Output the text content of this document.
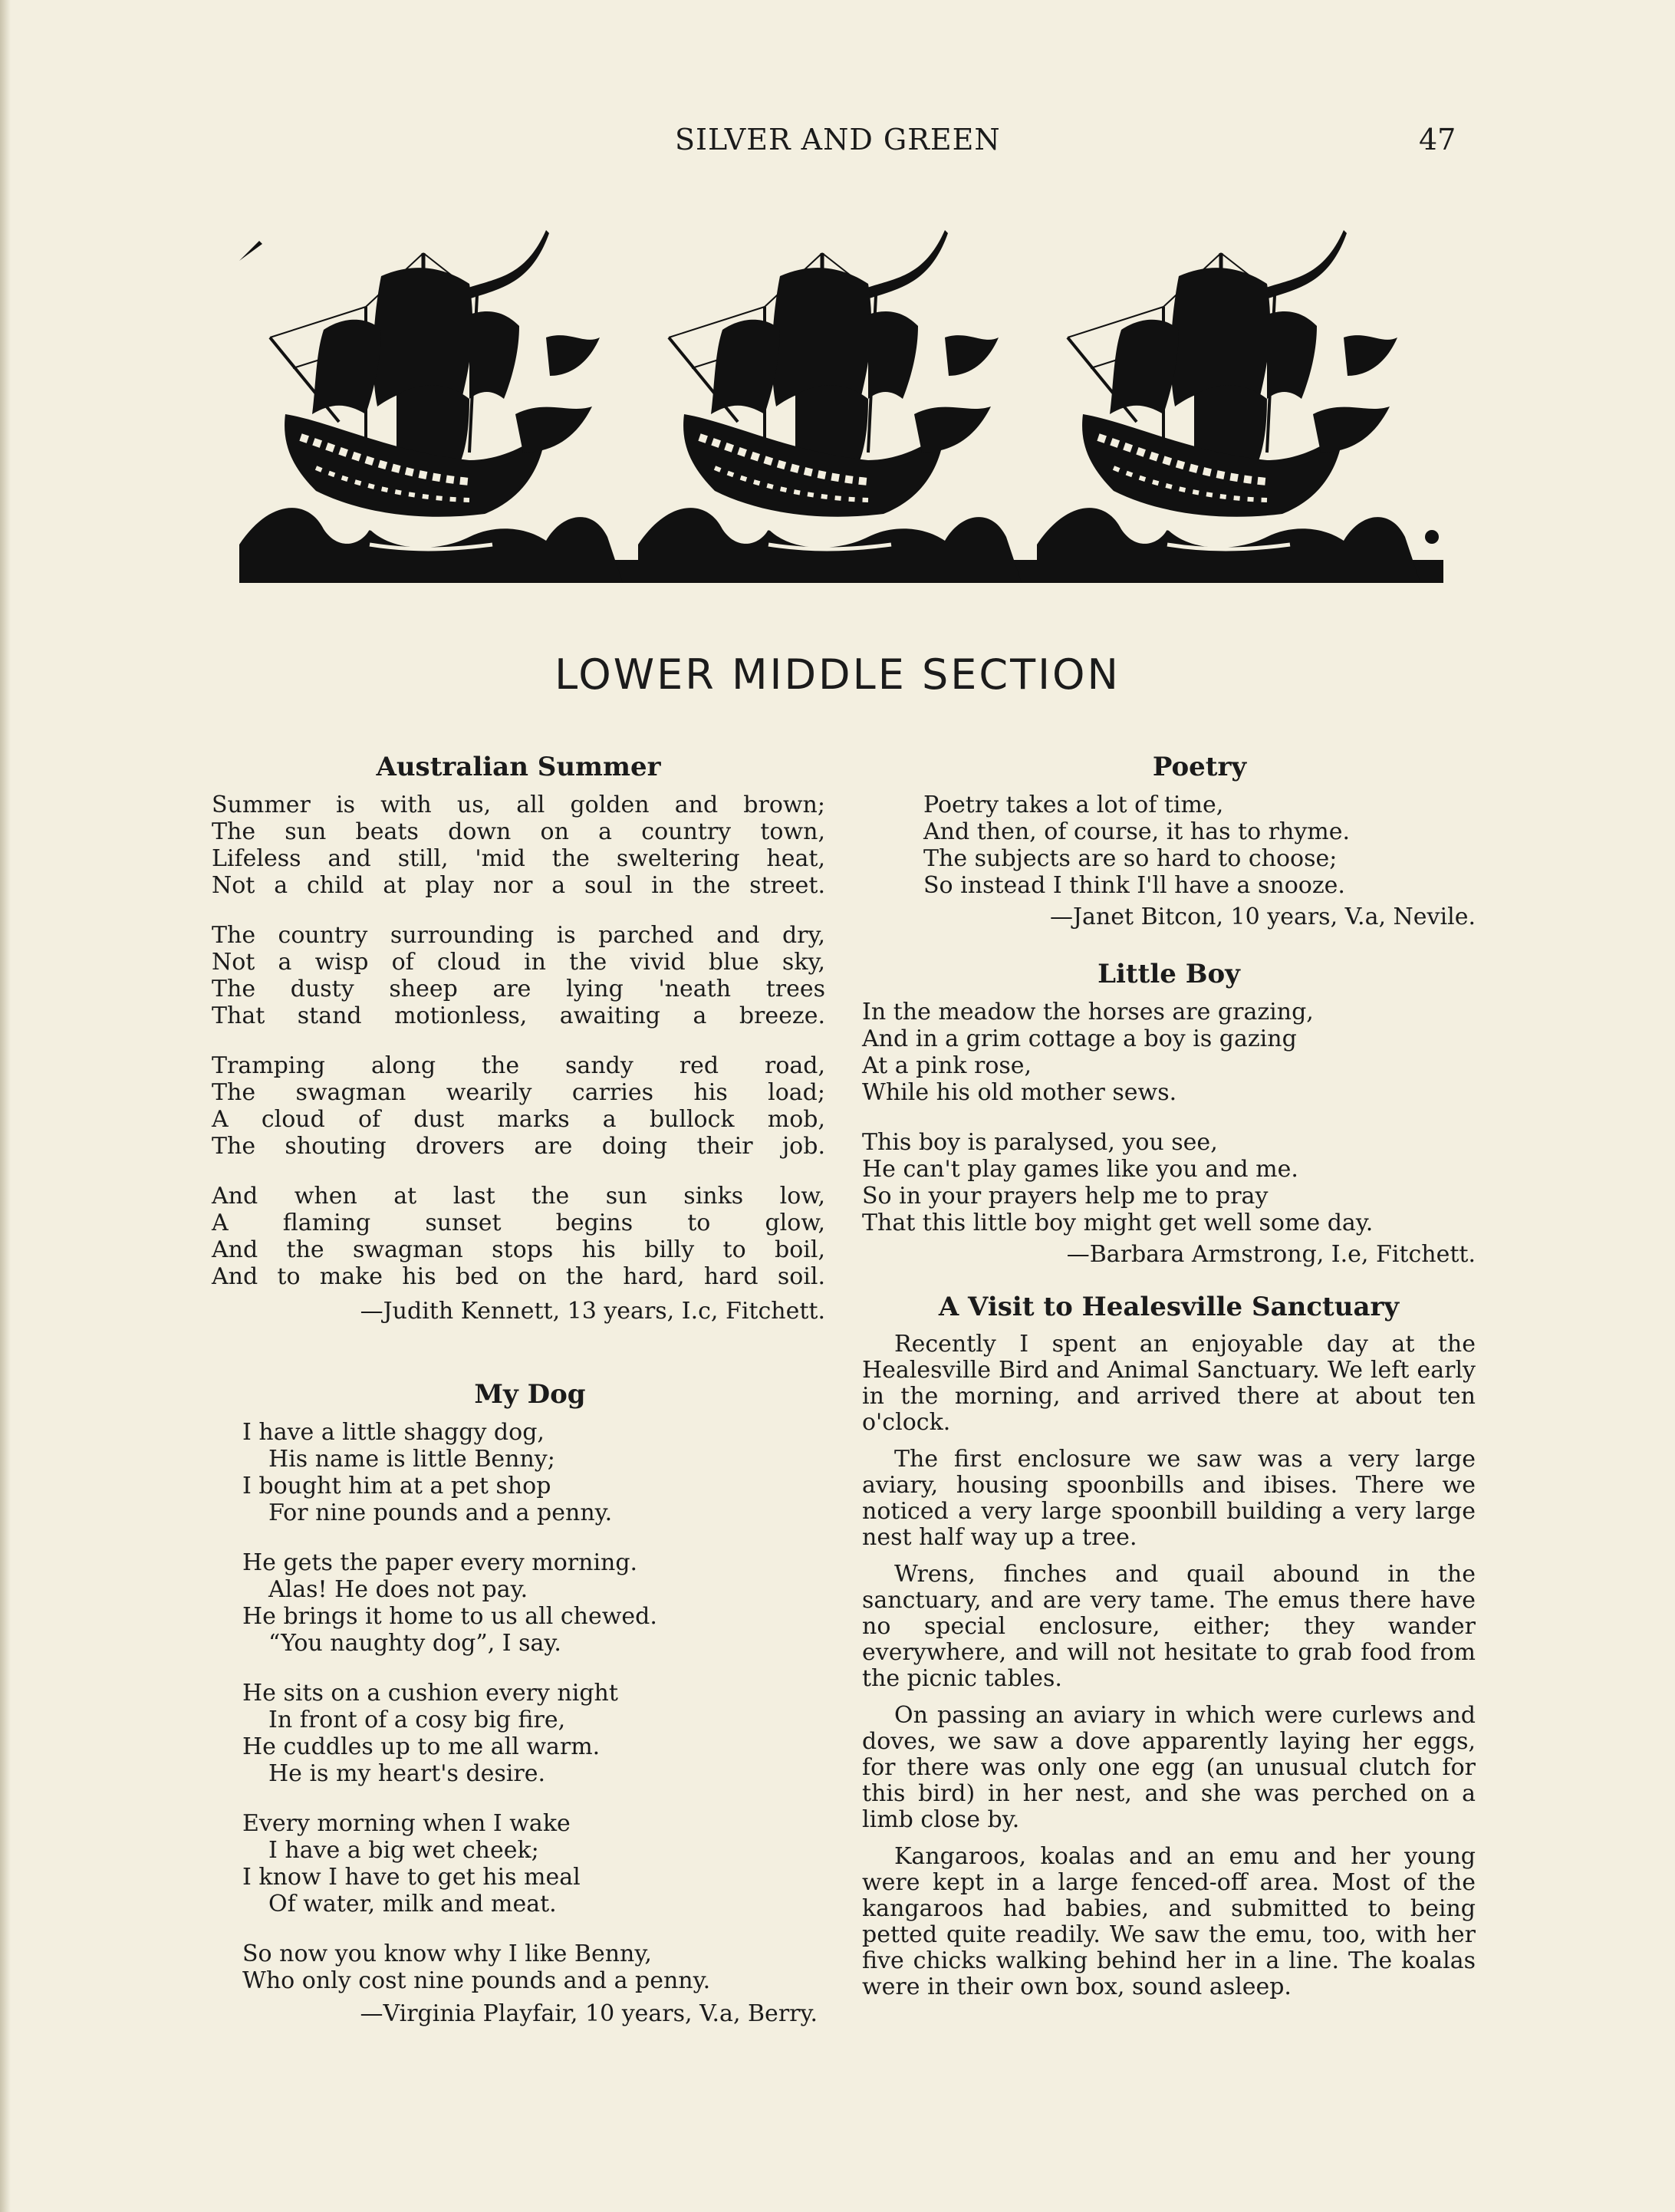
SILVER AND GREEN	47
LOWER MIDDLE SECTION
Australian Summer
Summer is with us, all golden and brown;
The sun beats down on a country town,
Lifeless and still, 'mid the sweltering heat,
Not a child at play nor a soul in the street.
The country surrounding is parched and dry,
Not a wisp of cloud in the vivid blue sky,
The dusty sheep are lying 'neath trees
That stand motionless, awaiting a breeze.
Tramping along the sandy red road,
The swagman wearily carries his load;
A cloud of dust marks a bullock mob,
The shouting drovers are doing their job.
And when at last the sun sinks low,
A flaming sunset begins to glow,
And the swagman stops his billy to boil,
And to make his bed on the hard, hard soil.
—Judith Kennett, 13 years, I.c, Fitchett.
My Dog
I have a little shaggy dog,
His name is little Benny;
I bought him at a pet shop
For nine pounds and a penny.
He gets the paper every morning.
Alas! He does not pay.
He brings it home to us all chewed.
“You naughty dog”, I say.
He sits on a cushion every night
In front of a cosy big fire,
He cuddles up to me all warm.
He is my heart's desire.
Every morning when I wake
I have a big wet cheek;
I know I have to get his meal
Of water, milk and meat.
So now you know why I like Benny,
Who only cost nine pounds and a penny.
—Virginia Playfair, 10 years, V.a, Berry.
Poetry
Poetry takes a lot of time,
And then, of course, it has to rhyme.
The subjects are so hard to choose;
So instead I think I'll have a snooze.
—Janet Bitcon, 10 years, V.a, Nevile.
Little Boy
In the meadow the horses are grazing,
And in a grim cottage a boy is gazing
At a pink rose,
While his old mother sews.
This boy is paralysed, you see,
He can't play games like you and me.
So in your prayers help me to pray
That this little boy might get well some day.
—Barbara Armstrong, I.e, Fitchett.
A Visit to Healesville Sanctuary

Recently I spent an enjoyable day at the Healesville Bird and Animal Sanctuary. We left early in the morning, and arrived there at about ten o'clock.

The first enclosure we saw was a very large aviary, housing spoonbills and ibises. There we noticed a very large spoonbill building a very large nest half way up a tree.

Wrens, finches and quail abound in the sanctuary, and are very tame. The emus there have no special enclosure, either; they wander everywhere, and will not hesitate to grab food from the picnic tables.

On passing an aviary in which were curlews and doves, we saw a dove apparently laying her eggs, for there was only one egg (an unusual clutch for this bird) in her nest, and she was perched on a limb close by.

Kangaroos, koalas and an emu and her young were kept in a large fenced-off area. Most of the kangaroos had babies, and submitted to being petted quite readily. We saw the emu, too, with her five chicks walking behind her in a line. The koalas were in their own box, sound asleep.
